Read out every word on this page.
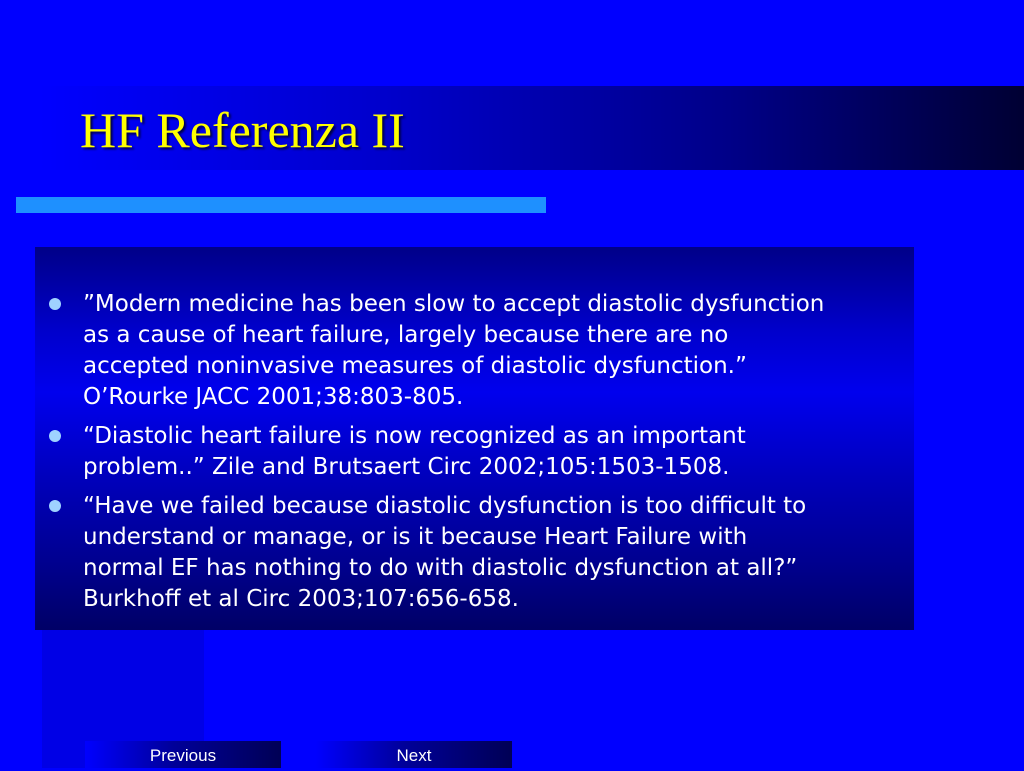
HF Referenza II
”Modern medicine has been slow to accept diastolic dysfunction
as a cause of heart failure, largely because there are no
accepted noninvasive measures of diastolic dysfunction.”
O’Rourke JACC 2001;38:803-805.
“Diastolic heart failure is now recognized as an important
problem..” Zile and Brutsaert Circ 2002;105:1503-1508.
“Have we failed because diastolic dysfunction is too difficult to
understand or manage, or is it because Heart Failure with
normal EF has nothing to do with diastolic dysfunction at all?”
Burkhoff et al Circ 2003;107:656-658.
Previous	Next
